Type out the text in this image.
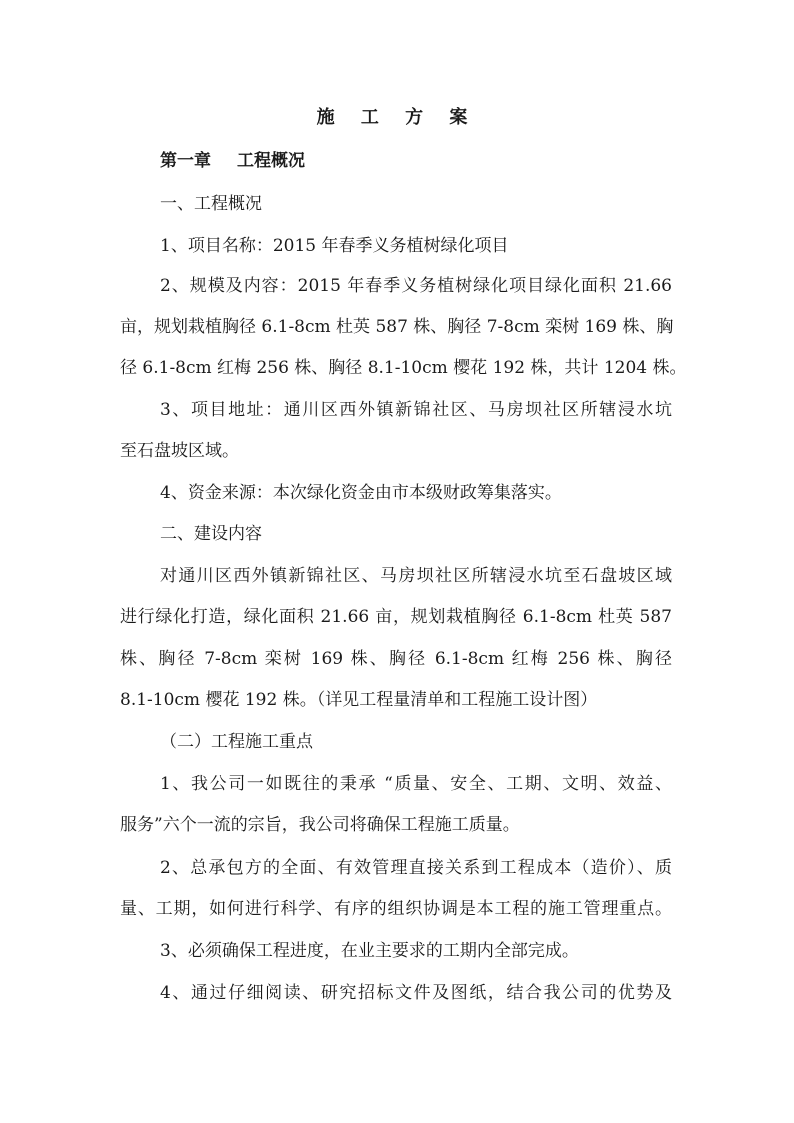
施 工 方 案
第一章 工程概况
一、工程概况
1、项目名称：2015 年春季义务植树绿化项目
2、规模及内容：2015 年春季义务植树绿化项目绿化面积 21.66
亩，规划栽植胸径 6.1-8cm 杜英 587 株、胸径 7-8cm 栾树 169 株、胸
径 6.1-8cm 红梅 256 株、胸径 8.1-10cm 樱花 192 株，共计 1204 株。
3、项目地址：通川区西外镇新锦社区、马房坝社区所辖浸水坑
至石盘坡区域。
4、资金来源：本次绿化资金由市本级财政筹集落实。
二、建设内容
对通川区西外镇新锦社区、马房坝社区所辖浸水坑至石盘坡区域
进行绿化打造，绿化面积 21.66 亩，规划栽植胸径 6.1-8cm 杜英 587
株、胸径 7-8cm 栾树 169 株、胸径 6.1-8cm 红梅 256 株、胸径
8.1-10cm 樱花 192 株。（详见工程量清单和工程施工设计图）
（二）工程施工重点
1、我公司一如既往的秉承 “质量、安全、工期、文明、效益、
服务”六个一流的宗旨，我公司将确保工程施工质量。
2、总承包方的全面、有效管理直接关系到工程成本（造价）、质
量、工期，如何进行科学、有序的组织协调是本工程的施工管理重点。
3、必须确保工程进度，在业主要求的工期内全部完成。
4、通过仔细阅读、研究招标文件及图纸，结合我公司的优势及
